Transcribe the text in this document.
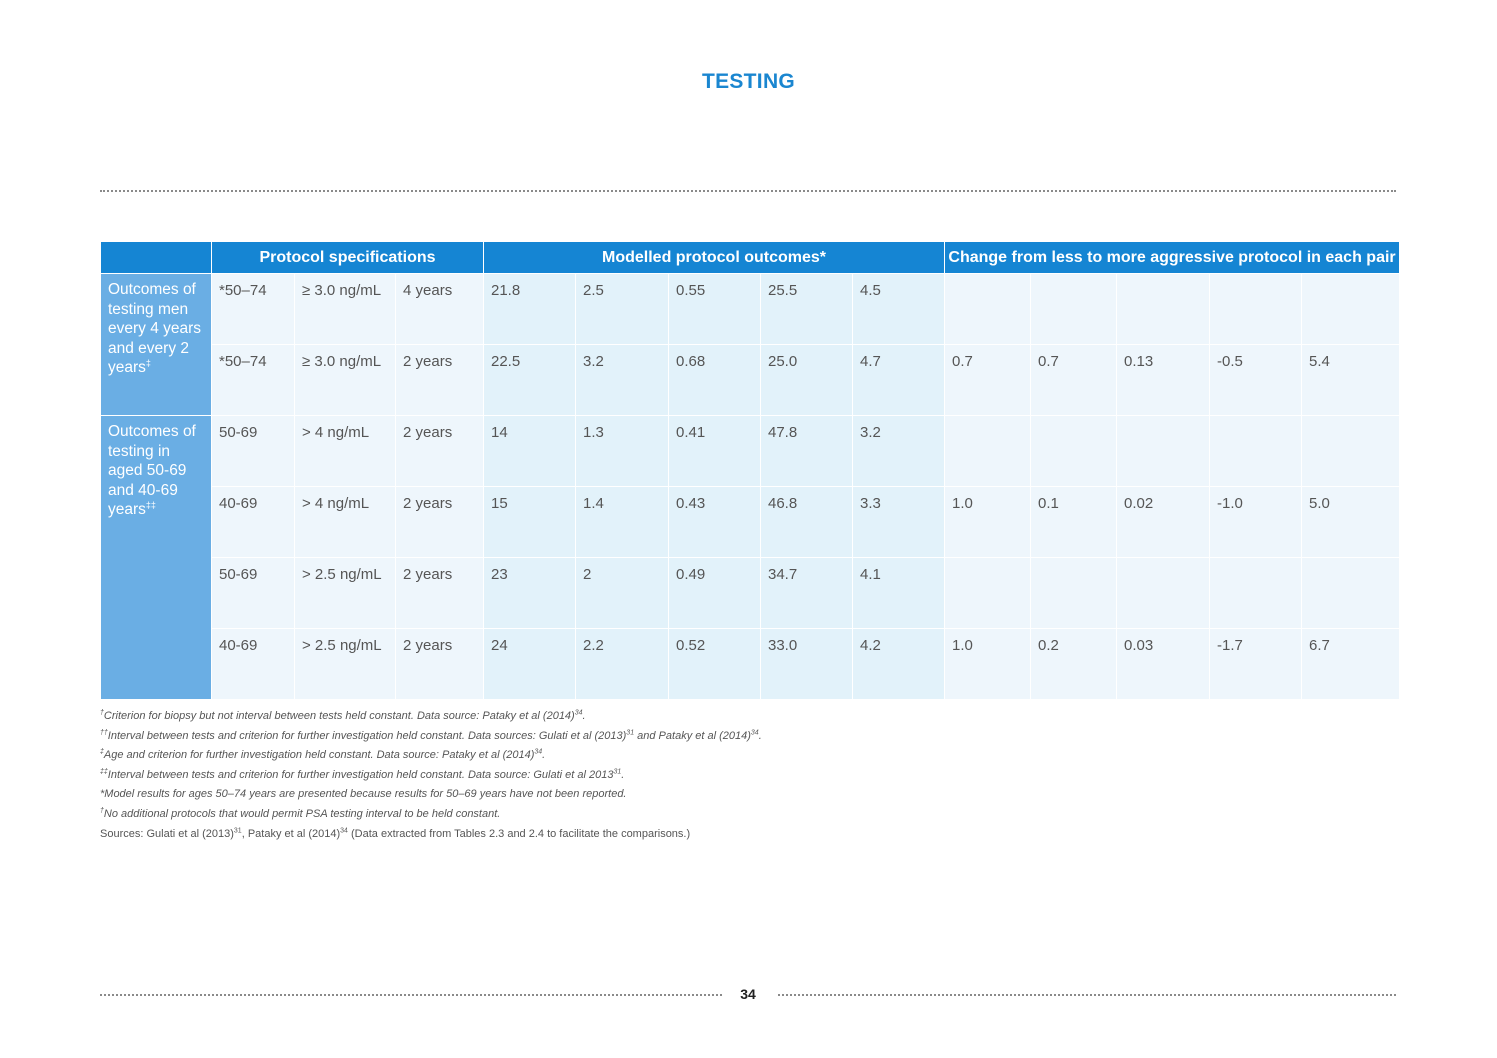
TESTING
	Protocol specifications			Modelled protocol outcomes*					Change from less to more aggressive protocol in each pair				
Outcomes of testing men every 4 years and every 2 years‡	*50–74	≥ 3.0 ng/mL	4 years	21.8	2.5	0.55	25.5	4.5					
	*50–74	≥ 3.0 ng/mL	2 years	22.5	3.2	0.68	25.0	4.7	0.7	0.7	0.13	-0.5	5.4
Outcomes of testing in aged 50-69 and 40-69 years‡‡	50-69	> 4 ng/mL	2 years	14	1.3	0.41	47.8	3.2					
	40-69	> 4 ng/mL	2 years	15	1.4	0.43	46.8	3.3	1.0	0.1	0.02	-1.0	5.0
	50-69	> 2.5 ng/mL	2 years	23	2	0.49	34.7	4.1					
	40-69	> 2.5 ng/mL	2 years	24	2.2	0.52	33.0	4.2	1.0	0.2	0.03	-1.7	6.7
†Criterion for biopsy but not interval between tests held constant. Data source: Pataky et al $(2014)^{34}$.
††Interval between tests and criterion for further investigation held constant. Data sources: Gulati et al $(2013)^{31}$ and Pataky et al $(2014)^{34}$.
‡Age and criterion for further investigation held constant. Data source: Pataky et al $(2014)^{34}$.
‡‡Interval between tests and criterion for further investigation held constant. Data source: Gulati et al 2013$^{31}$.
*Model results for ages 50–74 years are presented because results for 50–69 years have not been reported.
†No additional protocols that would permit PSA testing interval to be held constant.
Sources: Gulati et al $(2013)^{31}$, Pataky et al $(2014)^{34}$ (Data extracted from Tables 2.3 and 2.4 to facilitate the comparisons.)
34
